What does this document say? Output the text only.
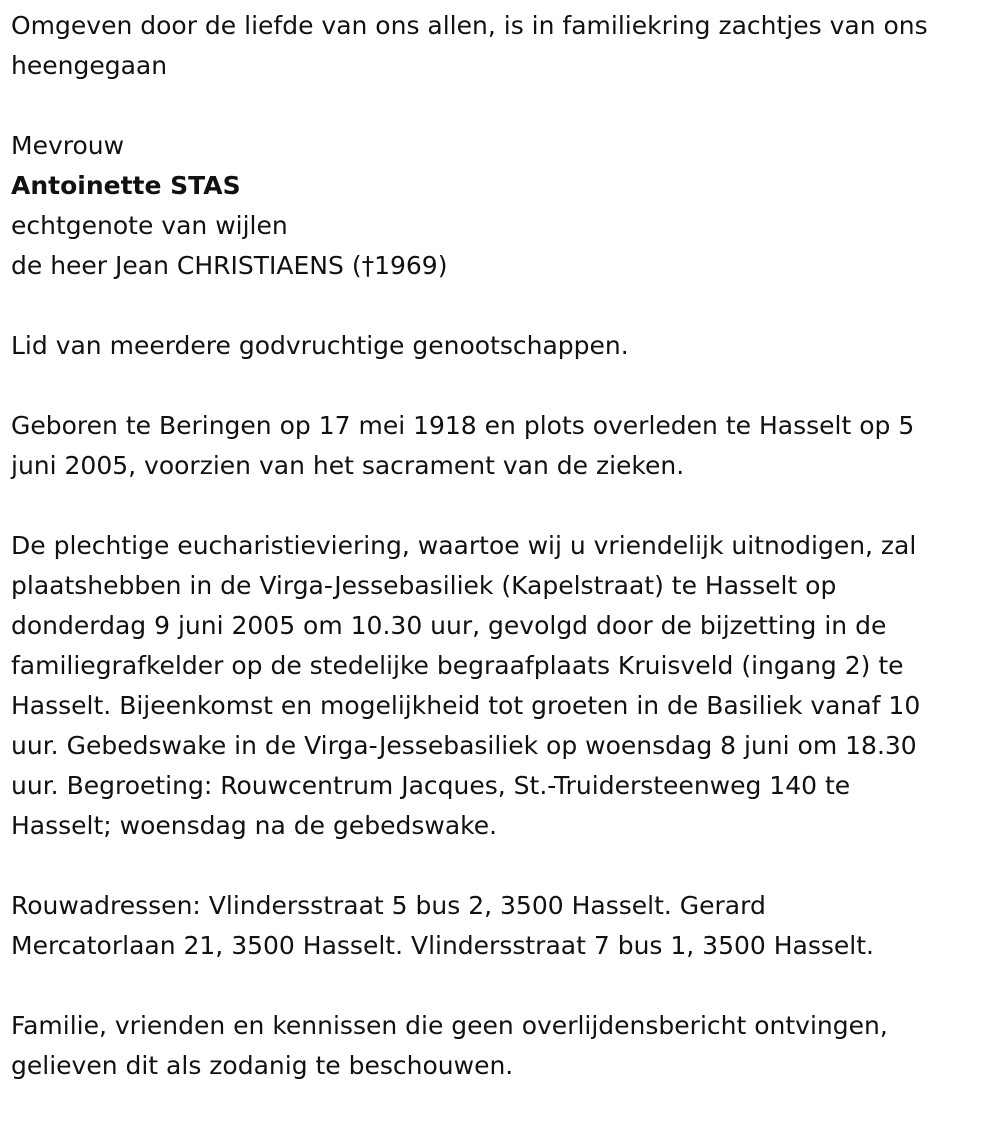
Omgeven door de liefde van ons allen, is in familiekring zachtjes van ons
heengegaan

Mevrouw
Antoinette STAS
echtgenote van wijlen
de heer Jean CHRISTIAENS (†1969)

Lid van meerdere godvruchtige genootschappen.

Geboren te Beringen op 17 mei 1918 en plots overleden te Hasselt op 5
juni 2005, voorzien van het sacrament van de zieken.

De plechtige eucharistieviering, waartoe wij u vriendelijk uitnodigen, zal
plaatshebben in de Virga-Jessebasiliek (Kapelstraat) te Hasselt op
donderdag 9 juni 2005 om 10.30 uur, gevolgd door de bijzetting in de
familiegrafkelder op de stedelijke begraafplaats Kruisveld (ingang 2) te
Hasselt. Bijeenkomst en mogelijkheid tot groeten in de Basiliek vanaf 10
uur. Gebedswake in de Virga-Jessebasiliek op woensdag 8 juni om 18.30
uur. Begroeting: Rouwcentrum Jacques, St.-Truidersteenweg 140 te
Hasselt; woensdag na de gebedswake.

Rouwadressen: Vlindersstraat 5 bus 2, 3500 Hasselt. Gerard
Mercatorlaan 21, 3500 Hasselt. Vlindersstraat 7 bus 1, 3500 Hasselt.

Familie, vrienden en kennissen die geen overlijdensbericht ontvingen,
gelieven dit als zodanig te beschouwen.
